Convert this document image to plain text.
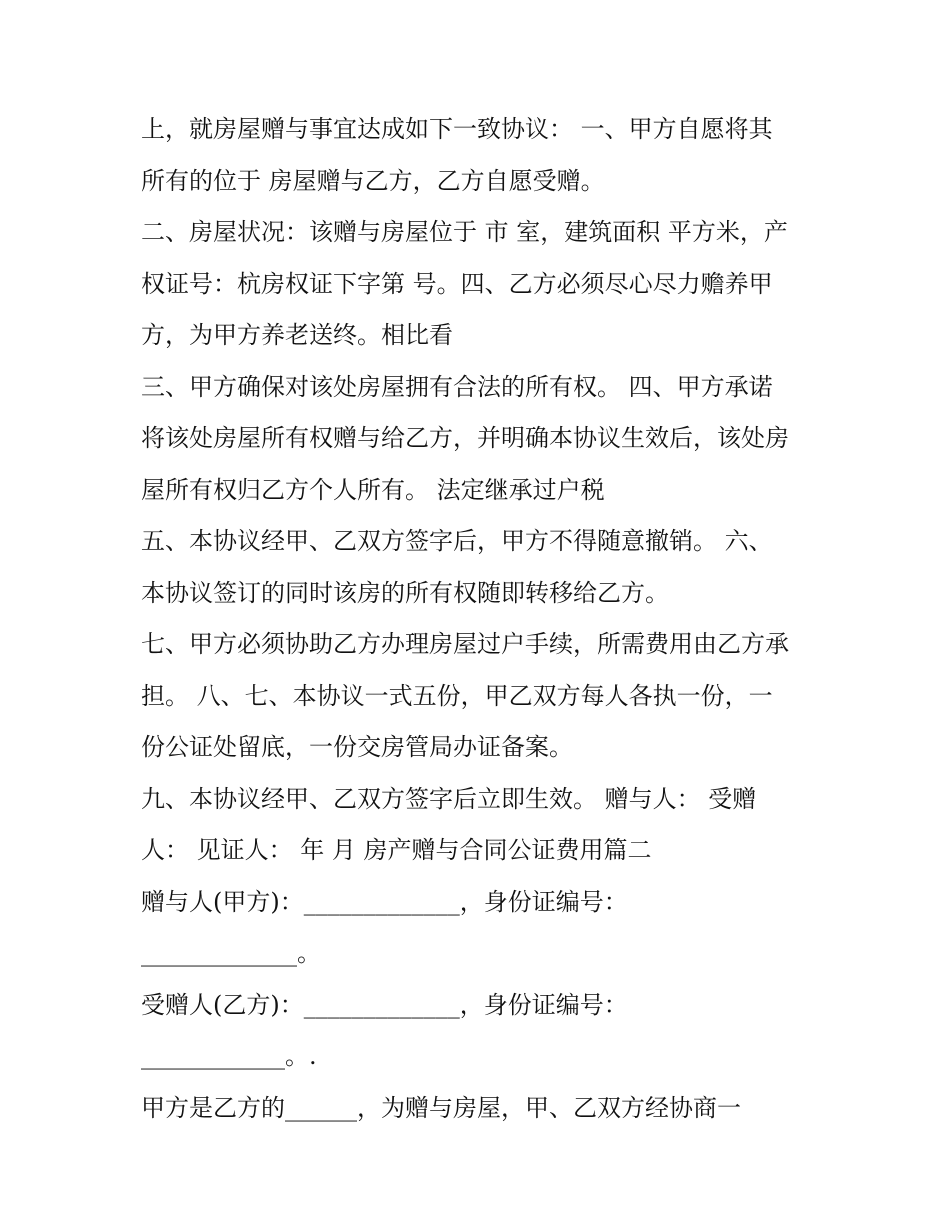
上，就房屋赠与事宜达成如下一致协议： 一、甲方自愿将其
所有的位于 房屋赠与乙方，乙方自愿受赠。
二、房屋状况：该赠与房屋位于 市 室，建筑面积 平方米，产
权证号：杭房权证下字第 号。四、乙方必须尽心尽力赡养甲
方，为甲方养老送终。相比看
三、甲方确保对该处房屋拥有合法的所有权。 四、甲方承诺
将该处房屋所有权赠与给乙方，并明确本协议生效后，该处房
屋所有权归乙方个人所有。 法定继承过户税
五、本协议经甲、乙双方签字后，甲方不得随意撤销。 六、
本协议签订的同时该房的所有权随即转移给乙方。
七、甲方必须协助乙方办理房屋过户手续，所需费用由乙方承
担。 八、七、本协议一式五份，甲乙双方每人各执一份，一
份公证处留底，一份交房管局办证备案。
九、本协议经甲、乙双方签字后立即生效。 赠与人： 受赠
人： 见证人： 年 月 房产赠与合同公证费用篇二
赠与人(甲方)：_____________，身份证编号：
_____________。
受赠人(乙方)：_____________，身份证编号：
____________。.
甲方是乙方的______，为赠与房屋，甲、乙双方经协商一
